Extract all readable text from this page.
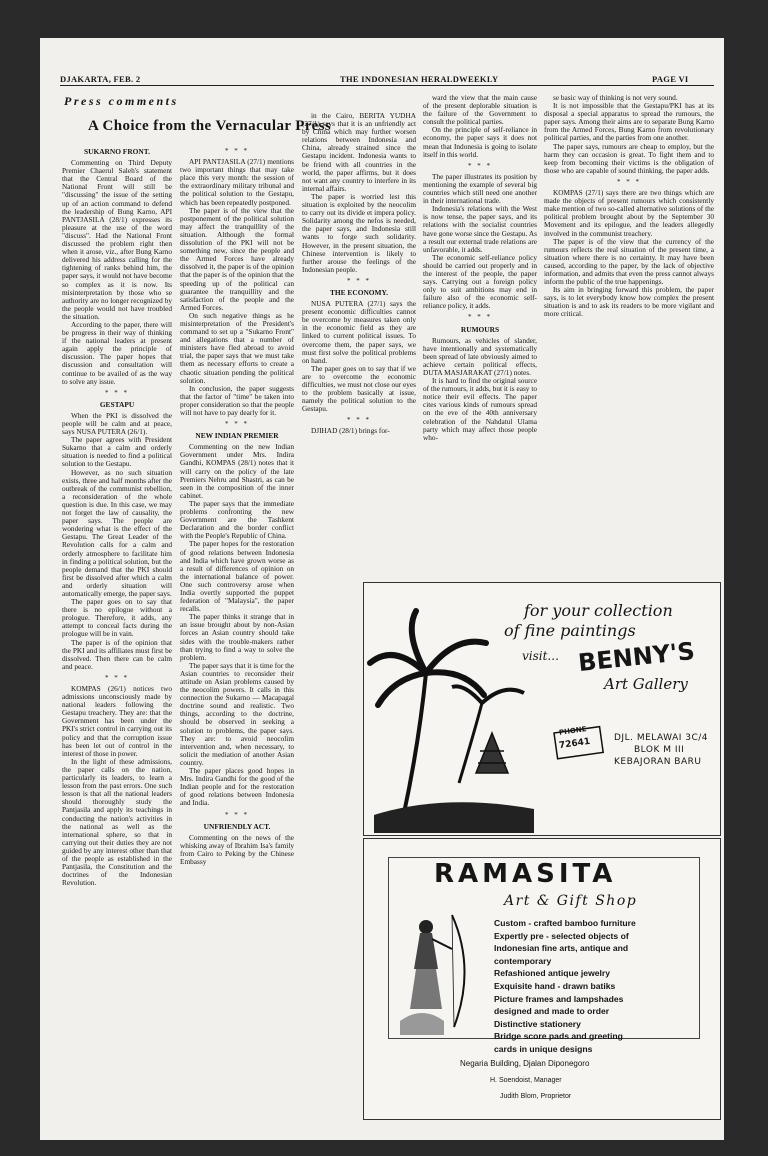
DJAKARTA, FEB. 2	THE INDONESIAN HERALDWEEKLY	PAGE VI
Press comments
A Choice from the Vernacular Press

SUKARNO FRONT.

Commenting on Third Deputy Premier Chaerul Saleh's statement that the Central Board of the National Front will still be "discussing" the issue of the setting up of an action command to defend the leadership of Bung Karno, API PANTJASILA (28/1) expresses its pleasure at the use of the word "discuss". Had the National Front discussed the problem right then when it arose, viz., after Bung Karno delivered his address calling for the tightening of ranks behind him, the paper says, it would not have become so complex as it is now. Its misinterpretation by those who se authority are no longer recognized by the people would not have troubled the situation.

According to the paper, there will be progress in their way of thinking if the national leaders at present again apply the principle of discussion. The paper hopes that discussion and consultation will continue to be availed of as the way to solve any issue.

* * *

GESTAPU

When the PKI is dissolved the people will be calm and at peace, says NUSA PUTERA (26/1).

The paper agrees with President Sukarno that a calm and orderly situation is needed to find a political solution to the Gestapu.

However, as no such situation exists, three and half months after the outbreak of the communist rebellion, a reconsideration of the whole question is due. In this case, we may not forget the law of causality, the paper says. The people are wondering what is the effect of the Gestapu. The Great Leader of the Revolution calls for a calm and orderly atmosphere to facilitate him in finding a political solution, but the people demand that the PKI should first be dissolved after which a calm and orderly situation will automatically emerge, the paper says.

The paper goes on to say that there is no epilogue without a prologue. Therefore, it adds, any attempt to conceal facts during the prologue will be in vain.

The paper is of the opinion that the PKI and its affiliates must first be dissolved. Then there can be calm and peace.

* * *

KOMPAS (26/1) notices two admissions unconsciously made by national leaders following the Gestapu treachery. They are: that the Government has been under the PKI's strict control in carrying out its policy and that the corruption issue has been let out of control in the interest of those in power.

In the light of these admissions, the paper calls on the nation, particularly its leaders, to learn a lesson from the past errors. One such lesson is that all the national leaders should thoroughly study the Pantjasila and apply its teachings in conducting the nation's activities in the national as well as the international sphere, so that in carrying out their duties they are not guided by any interest other than that of the people as established in the Pantjasila, the Constitution and the doctrines of the Indonesian Revolution.

* * *

API PANTJASILA (27/1) mentions two important things that may take place this very month: the session of the extraordinary military tribunal and the political solution to the Gestapu, which has been repeatedly postponed.

The paper is of the view that the postponement of the political solution may affect the tranquillity of the situation. Although the formal dissolution of the PKI will not be something new, since the people and the Armed Forces have already dissolved it, the paper is of the opinion that the paper is of the opinion that the speeding up of the political can guarantee the tranquillity and the satisfaction of the people and the Armed Forces.

On such negative things as he misinterpretation of the President's command to set up a "Sukarno Front" and allegations that a number of ministers have fled abroad to avoid trial, the paper says that we must take them as necessary efforts to create a chaotic situation pending the political solution.

In conclusion, the paper suggests that the factor of "time" be taken into proper consideration so that the people will not have to pay dearly for it.

* * *

NEW INDIAN PREMIER

Commenting on the new Indian Government under Mrs. Indira Gandhi, KOMPAS (28/1) notes that it will carry on the policy of the late Premiers Nehru and Shastri, as can be seen in the composition of the inner cabinet.

The paper says that the immediate problems confronting the new Government are the Tashkent Declaration and the border conflict with the People's Republic of China.

The paper hopes for the restoration of good relations between Indonesia and India which have grown worse as a result of differences of opinion on the international balance of power. One such controversy arose when India overtly supported the puppet federation of "Malaysia", the paper recalls.

The paper thinks it strange that in an issue brought about by non-Asian forces an Asian country should take sides with the trouble-makers rather than trying to find a way to solve the problem.

The paper says that it is time for the Asian countries to reconsider their attitude on Asian problems caused by the neocolim powers. It calls in this connection the Sukarno — Macapagal doctrine sound and realistic. Two things, according to the doctrine, should be observed in seeking a solution to problems, the paper says. They are: to avoid neocolim intervention and, when necessary, to solicit the mediation of another Asian country.

The paper places good hopes in Mrs. Indira Gandhi for the good of the Indian people and for the restoration of good relations between Indonesia and India.

* * *

UNFRIENDLY ACT.

Commenting on the news of the whisking away of Ibrahim Isa's family from Cairo to Peking by the Chinese Embassy

in the Cairo, BERITA YUDHA (27/1) says that it is an unfriendly act by China which may further worsen relations between Indonesia and China, already strained since the Gestapu incident. Indonesia wants to be friend with all countries in the world, the paper affirms, but it does not want any country to interfere in its internal affairs.

The paper is worried lest this situation is exploited by the neocolim to carry out its divide et impera policy. Solidarity among the nefos is needed, the paper says, and Indonesia still wants to forge such solidarity. However, in the present situation, the Chinese intervention is likely to further arouse the feelings of the Indonesian people.

* * *

THE ECONOMY.

NUSA PUTERA (27/1) says the present economic difficulties cannot be overcome by measures taken only in the economic field as they are linked to current political issues. To overcome them, the paper says, we must first solve the political problems on hand.

The paper goes on to say that if we are to overcome the economic difficulties, we must not close our eyes to the problem basically at issue, namely the political solution to the Gestapu.

* * *

DJIHAD (28/1) brings for-

ward the view that the main cause of the present deplorable situation is the failure of the Government to consult the political parties.

On the principle of self-reliance in economy, the paper says it does not mean that Indonesia is going to isolate itself in this world.

* * *

The paper illustrates its position by mentioning the example of several big countries which still need one another in their international trade.

Indonesia's relations with the West is now tense, the paper says, and its relations with the socialist countries have gone worse since the Gestapu. As a result our external trade relations are unfavorable, it adds.

The economic self-reliance policy should be carried out properly and in the interest of the people, the paper says. Carrying out a foreign policy only to suit ambitions may end in failure also of the economic self-reliance policy, it adds.

* * *

RUMOURS

Rumours, as vehicles of slander, have intentionally and systematically been spread of late obviously aimed to achieve certain political effects, DUTA MASJARAKAT (27/1) notes.

It is hard to find the original source of the rumours, it adds, but it is easy to notice their evil effects. The paper cites various kinds of rumours spread on the eve of the 40th anniversary celebration of the Nahdatul Ulama party which may affect those people who-

se basic way of thinking is not very sound.

It is not impossible that the Gestapu/PKI has at its disposal a special apparatus to spread the rumours, the paper says. Among their aims are to separate Bung Karno from the Armed Forces, Bung Karno from revolutionary political parties, and the parties from one another.

The paper says, rumours are cheap to employ, but the harm they can occasion is great. To fight them and to keep from becoming their victims is the obligation of those who are capable of sound thinking, the paper adds.

* * *

KOMPAS (27/1) says there are two things which are made the objects of present rumours which consistently make mention of two so-called alternative solutions of the political problem brought about by the September 30 Movement and its epilogue, and the leaders allegedly involved in the communist treachery.

The paper is of the view that the currency of the rumours reflects the real situation of the present time, a situation where there is no certainty. It may have been caused, according to the paper, by the lack of objective information, and admits that even the press cannot always inform the public of the true happenings.

Its aim in bringing forward this problem, the paper says, is to let everybody know how complex the present situation is and to ask its readers to be more vigilant and more critical.

for your collection
of fine paintings
visit... BENNY'S
Art Gallery
PHONE
72641	DJL. MELAWAI 3C/4
BLOK M III
KEBAJORAN BARU
RAMASITA
Art & Gift Shop
Custom - crafted bamboo furniture
Expertly pre - selected objects of
Indonesian fine arts, antique and
contemporary
Refashioned antique jewelry
Exquisite hand - drawn batiks
Picture frames and lampshades
designed and made to order
Distinctive stationery
Bridge score pads and greeting
cards in unique designs
Negaria Building, Djalan Diponegoro
H. Soendoist, Manager
Judith Blom, Proprietor
